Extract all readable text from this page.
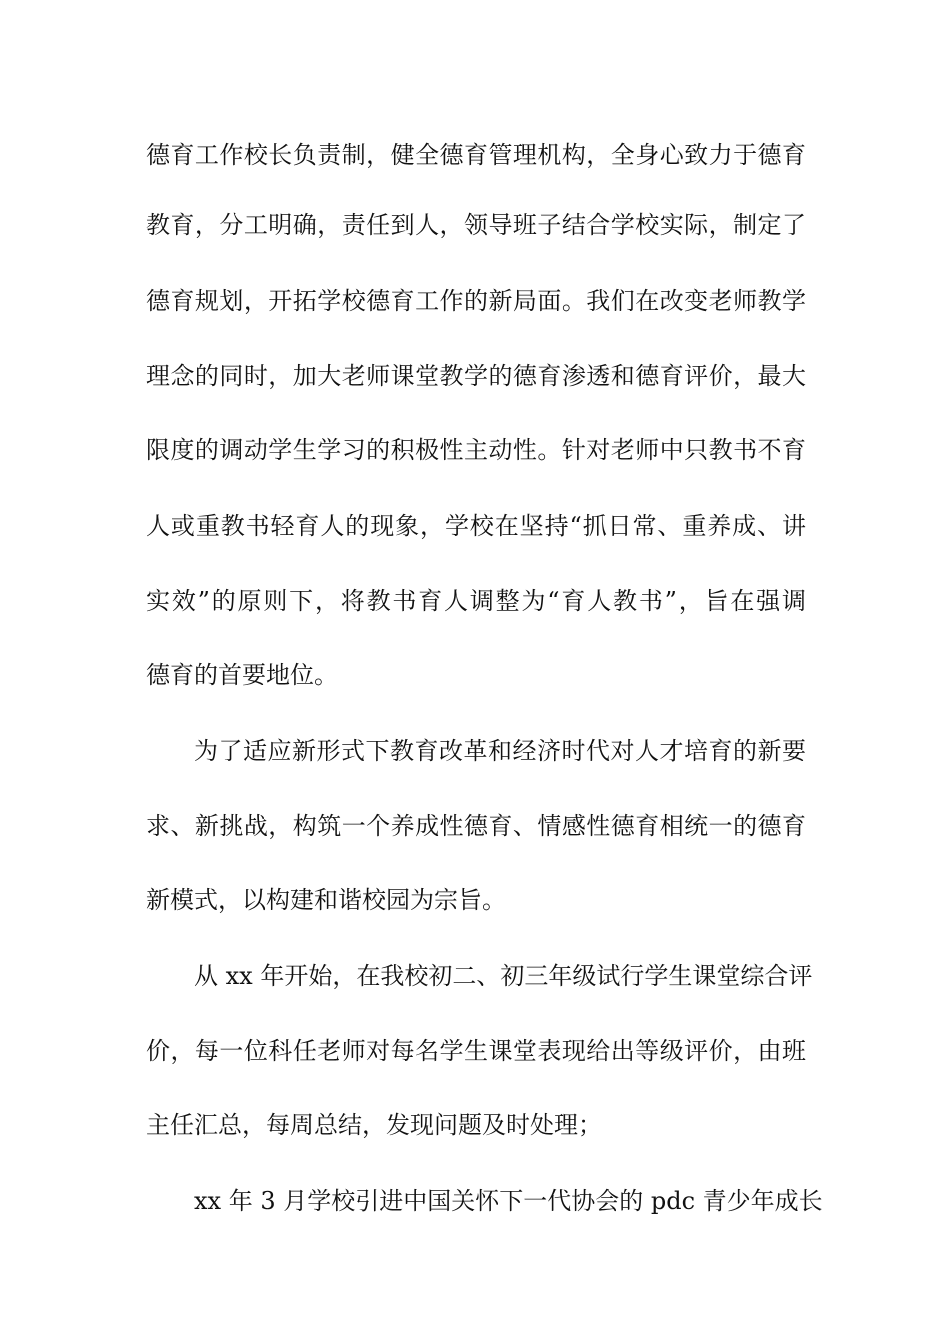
德育工作校长负责制，健全德育管理机构，全身心致力于德育
教育，分工明确，责任到人，领导班子结合学校实际，制定了
德育规划，开拓学校德育工作的新局面。我们在改变老师教学
理念的同时，加大老师课堂教学的德育渗透和德育评价，最大
限度的调动学生学习的积极性主动性。针对老师中只教书不育
人或重教书轻育人的现象，学校在坚持“抓日常、重养成、讲
实效”的原则下，将教书育人调整为“育人教书”，旨在强调
德育的首要地位。
为了适应新形式下教育改革和经济时代对人才培育的新要
求、新挑战，构筑一个养成性德育、情感性德育相统一的德育
新模式，以构建和谐校园为宗旨。
从 xx 年开始，在我校初二、初三年级试行学生课堂综合评
价，每一位科任老师对每名学生课堂表现给出等级评价，由班
主任汇总，每周总结，发现问题及时处理；
xx 年 3 月学校引进中国关怀下一代协会的 pdc 青少年成长
